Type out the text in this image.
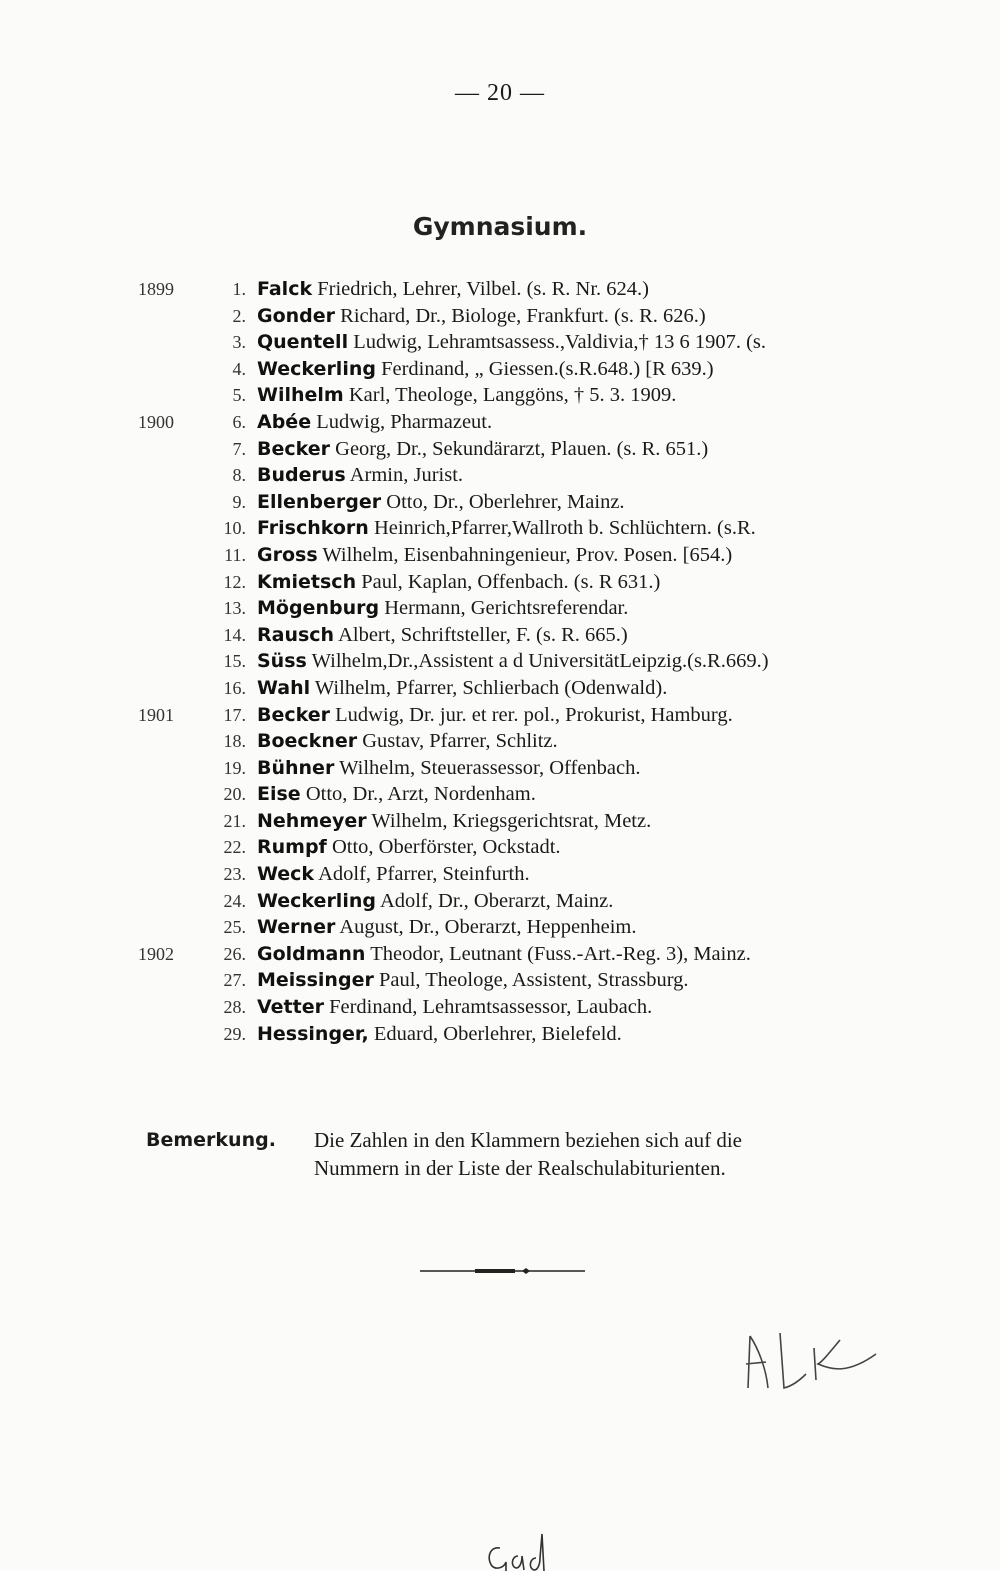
— 20 —
Gymnasium.
1899	1. Falck Friedrich, Lehrer, Vilbel. (s. R. Nr. 624.)
2. Gonder Richard, Dr., Biologe, Frankfurt. (s. R. 626.)
3. Quentell Ludwig, Lehramtsassess.,Valdivia,† 13 6 1907. (s.
4. Weckerling Ferdinand, „ Giessen.(s.R.648.) [R 639.)
5. Wilhelm Karl, Theologe, Langgöns, † 5. 3. 1909.
1900	6. Abée Ludwig, Pharmazeut.
7. Becker Georg, Dr., Sekundärarzt, Plauen. (s. R. 651.)
8. Buderus Armin, Jurist.
9. Ellenberger Otto, Dr., Oberlehrer, Mainz.
10. Frischkorn Heinrich,Pfarrer,Wallroth b. Schlüchtern. (s.R.
11. Gross Wilhelm, Eisenbahningenieur, Prov. Posen. [654.)
12. Kmietsch Paul, Kaplan, Offenbach. (s. R 631.)
13. Mögenburg Hermann, Gerichtsreferendar.
14. Rausch Albert, Schriftsteller, F. (s. R. 665.)
15. Süss Wilhelm,Dr.,Assistent a d UniversitätLeipzig.(s.R.669.)
16. Wahl Wilhelm, Pfarrer, Schlierbach (Odenwald).
1901	17. Becker Ludwig, Dr. jur. et rer. pol., Prokurist, Hamburg.
18. Boeckner Gustav, Pfarrer, Schlitz.
19. Bühner Wilhelm, Steuerassessor, Offenbach.
20. Eise Otto, Dr., Arzt, Nordenham.
21. Nehmeyer Wilhelm, Kriegsgerichtsrat, Metz.
22. Rumpf Otto, Oberförster, Ockstadt.
23. Weck Adolf, Pfarrer, Steinfurth.
24. Weckerling Adolf, Dr., Oberarzt, Mainz.
25. Werner August, Dr., Oberarzt, Heppenheim.
1902	26. Goldmann Theodor, Leutnant (Fuss.-Art.-Reg. 3), Mainz.
27. Meissinger Paul, Theologe, Assistent, Strassburg.
28. Vetter Ferdinand, Lehramtsassessor, Laubach.
29. Hessinger, Eduard, Oberlehrer, Bielefeld.
Bemerkung. Die Zahlen in den Klammern beziehen sich auf die
Nummern in der Liste der Realschulabiturienten.
